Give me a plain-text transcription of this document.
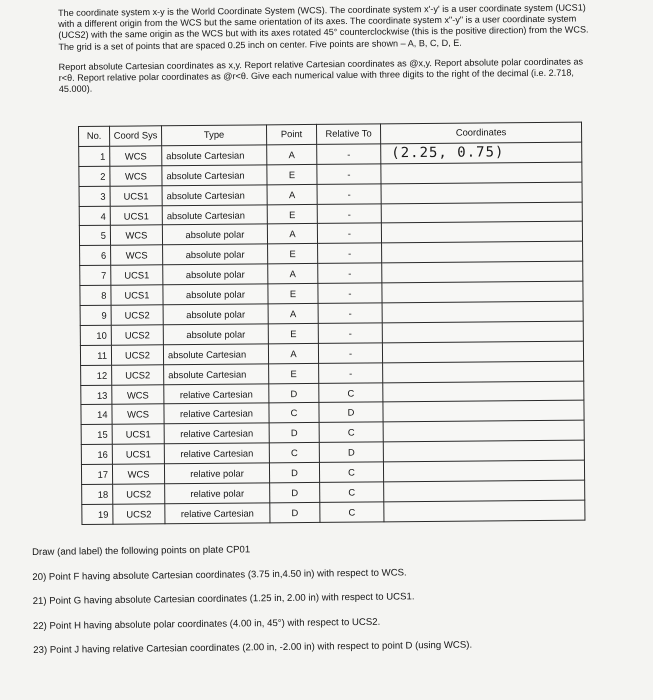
The coordinate system x-y is the World Coordinate System (WCS). The coordinate system x'-y' is a user coordinate system (UCS1) with a different origin from the WCS but the same orientation of its axes. The coordinate system x"-y" is a user coordinate system (UCS2) with the same origin as the WCS but with its axes rotated 45° counterclockwise (this is the positive direction) from the WCS. The grid is a set of points that are spaced 0.25 inch on center. Five points are shown – A, B, C, D, E.

Report absolute Cartesian coordinates as x,y. Report relative Cartesian coordinates as @x,y. Report absolute polar coordinates as r<θ. Report relative polar coordinates as @r<θ. Give each numerical value with three digits to the right of the decimal (i.e. 2.718, 45.000).

No.	Coord Sys	Type	Point	Relative To	Coordinates
1	WCS	absolute Cartesian	A	-	(2.25, 0.75)
2	WCS	absolute Cartesian	E	-	
3	UCS1	absolute Cartesian	A	-	
4	UCS1	absolute Cartesian	E	-	
5	WCS	absolute polar	A	-	
6	WCS	absolute polar	E	-	
7	UCS1	absolute polar	A	-	
8	UCS1	absolute polar	E	-	
9	UCS2	absolute polar	A	-	
10	UCS2	absolute polar	E	-	
11	UCS2	absolute Cartesian	A	-	
12	UCS2	absolute Cartesian	E	-	
13	WCS	relative Cartesian	D	C	
14	WCS	relative Cartesian	C	D	
15	UCS1	relative Cartesian	D	C	
16	UCS1	relative Cartesian	C	D	
17	WCS	relative polar	D	C	
18	UCS2	relative polar	D	C	
19	UCS2	relative Cartesian	D	C	

Draw (and label) the following points on plate CP01

20) Point F having absolute Cartesian coordinates (3.75 in,4.50 in) with respect to WCS.

21) Point G having absolute Cartesian coordinates (1.25 in, 2.00 in) with respect to UCS1.

22) Point H having absolute polar coordinates (4.00 in, 45°) with respect to UCS2.

23) Point J having relative Cartesian coordinates (2.00 in, -2.00 in) with respect to point D (using WCS).
